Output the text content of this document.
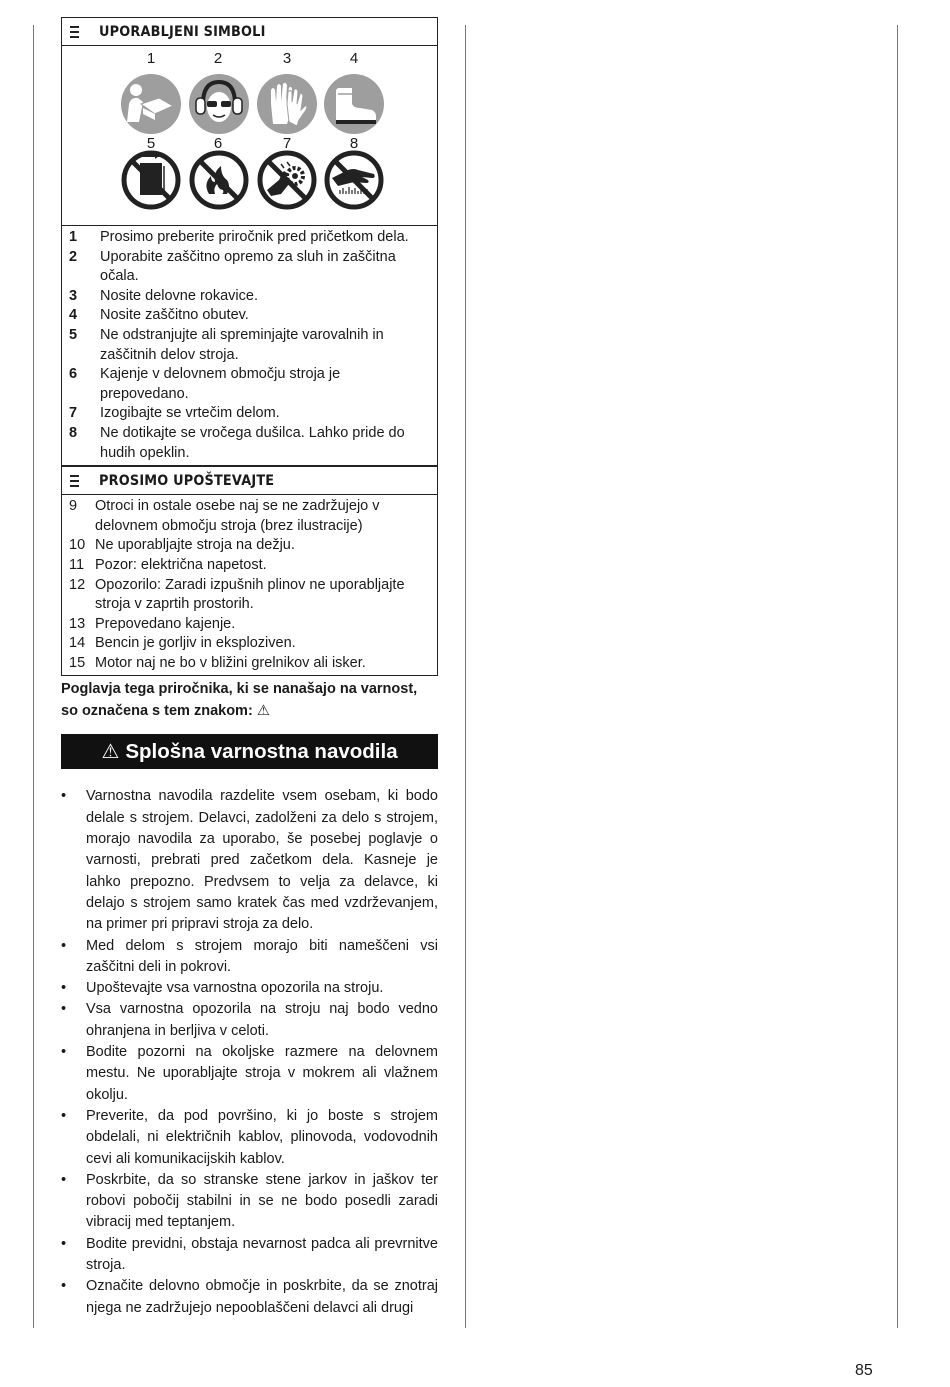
UPORABLJENI SIMBOLI
1	2	3	4
5	6	7	8
1	Prosimo preberite priročnik pred pričetkom dela.
2	Uporabite zaščitno opremo za sluh in zaščitna očala.
3	Nosite delovne rokavice.
4	Nosite zaščitno obutev.
5	Ne odstranjujte ali spreminjajte varovalnih in zaščitnih delov stroja.
6	Kajenje v delovnem območju stroja je prepovedano.
7	Izogibajte se vrtečim delom.
8	Ne dotikajte se vročega dušilca. Lahko pride do hudih opeklin.
PROSIMO UPOŠTEVAJTE
9	Otroci in ostale osebe naj se ne zadržujejo v delovnem območju stroja (brez ilustracije)
10 Ne uporabljajte stroja na dežju.
11 Pozor: električna napetost.
12 Opozorilo: Zaradi izpušnih plinov ne uporabljajte stroja v zaprtih prostorih.
13 Prepovedano kajenje.
14 Bencin je gorljiv in eksploziven.
15 Motor naj ne bo v bližini grelnikov ali isker.
Poglavja tega priročnika, ki se nanašajo na varnost, so označena s tem znakom: ⚠
⚠ Splošna varnostna navodila
•	Varnostna navodila razdelite vsem osebam, ki bodo delale s strojem. Delavci, zadolženi za delo s strojem, morajo navodila za uporabo, še posebej poglavje o varnosti, prebrati pred začetkom dela. Kasneje je lahko prepozno. Predvsem to velja za delavce, ki delajo s strojem samo kratek čas med vzdrževanjem, na primer pri pripravi stroja za delo.
•	Med delom s strojem morajo biti nameščeni vsi zaščitni deli in pokrovi.
•	Upoštevajte vsa varnostna opozorila na stroju.
•	Vsa varnostna opozorila na stroju naj bodo vedno ohranjena in berljiva v celoti.
•	Bodite pozorni na okoljske razmere na delovnem mestu. Ne uporabljajte stroja v mokrem ali vlažnem okolju.
•	Preverite, da pod površino, ki jo boste s strojem obdelali, ni električnih kablov, plinovoda, vodovodnih cevi ali komunikacijskih kablov.
•	Poskrbite, da so stranske stene jarkov in jaškov ter robovi pobočij stabilni in se ne bodo posedli zaradi vibracij med teptanjem.
•	Bodite previdni, obstaja nevarnost padca ali prevrnitve stroja.
•	Označite delovno območje in poskrbite, da se znotraj njega ne zadržujejo nepooblaščeni delavci ali drugi
85
